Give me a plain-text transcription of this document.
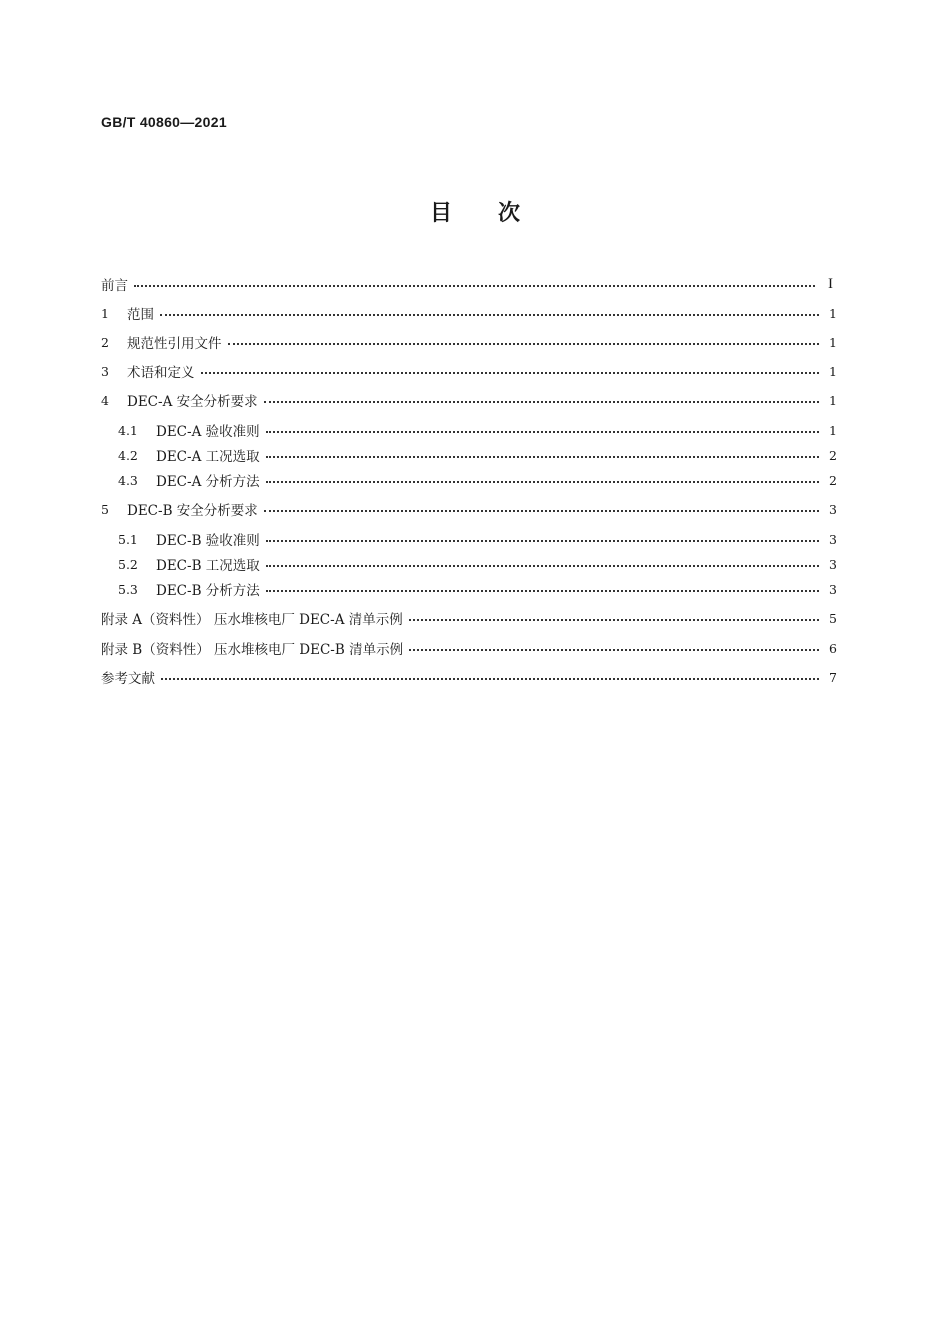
GB/T 40860—2021
目次
前言	I
1	范围	1
2	规范性引用文件	1
3	术语和定义	1
4	DEC-A 安全分析要求	1
4.1	DEC-A 验收准则	1
4.2	DEC-A 工况选取	2
4.3	DEC-A 分析方法	2
5	DEC-B 安全分析要求	3
5.1	DEC-B 验收准则	3
5.2	DEC-B 工况选取	3
5.3	DEC-B 分析方法	3
附录 A（资料性） 压水堆核电厂 DEC-A 清单示例	5
附录 B（资料性） 压水堆核电厂 DEC-B 清单示例	6
参考文献	7
